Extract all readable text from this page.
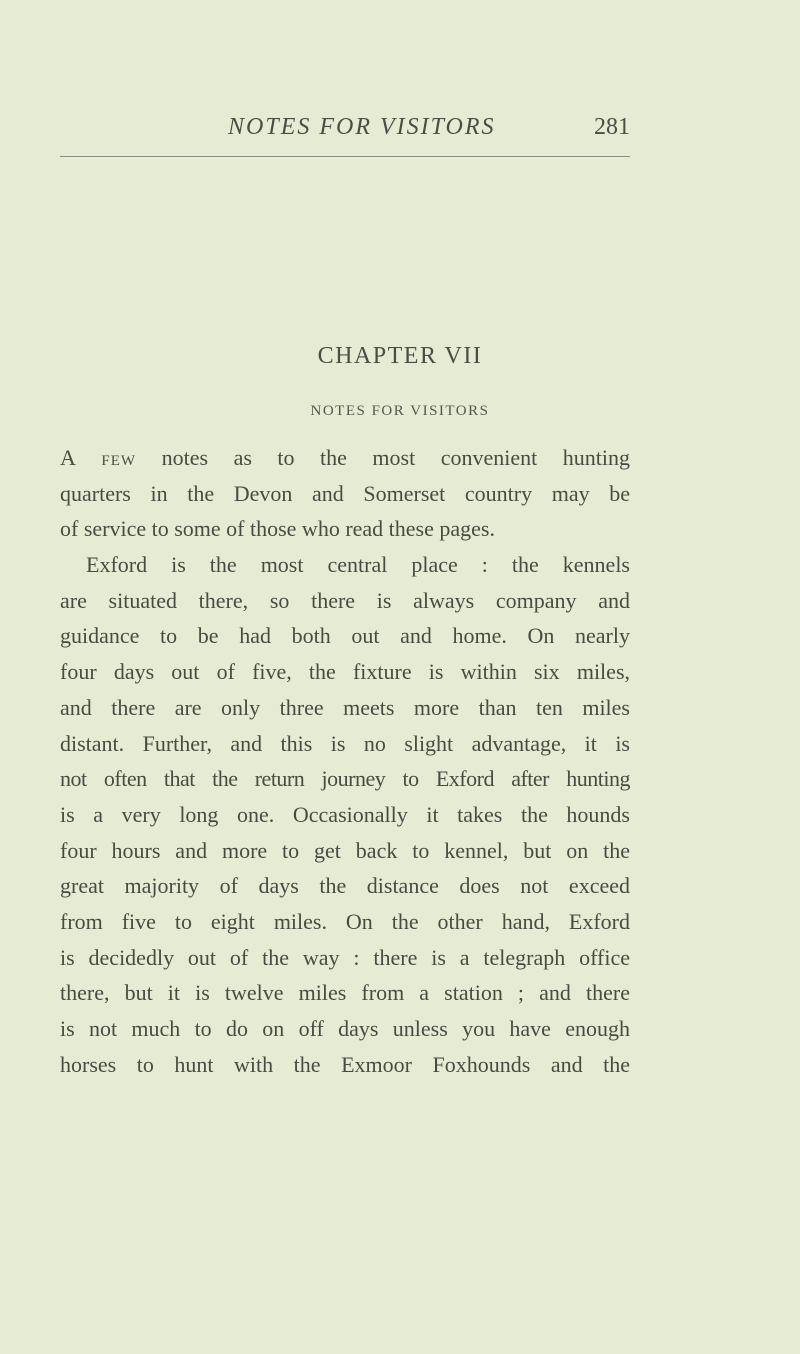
NOTES FOR VISITORS	281
CHAPTER VII
NOTES FOR VISITORS
A few notes as to the most convenient hunting
quarters in the Devon and Somerset country may be
of service to some of those who read these pages.
Exford is the most central place : the kennels
are situated there, so there is always company and
guidance to be had both out and home. On nearly
four days out of five, the fixture is within six miles,
and there are only three meets more than ten miles
distant. Further, and this is no slight advantage, it is
not often that the return journey to Exford after hunting
is a very long one. Occasionally it takes the hounds
four hours and more to get back to kennel, but on the
great majority of days the distance does not exceed
from five to eight miles. On the other hand, Exford
is decidedly out of the way : there is a telegraph office
there, but it is twelve miles from a station ; and there
is not much to do on off days unless you have enough
horses to hunt with the Exmoor Foxhounds and the
